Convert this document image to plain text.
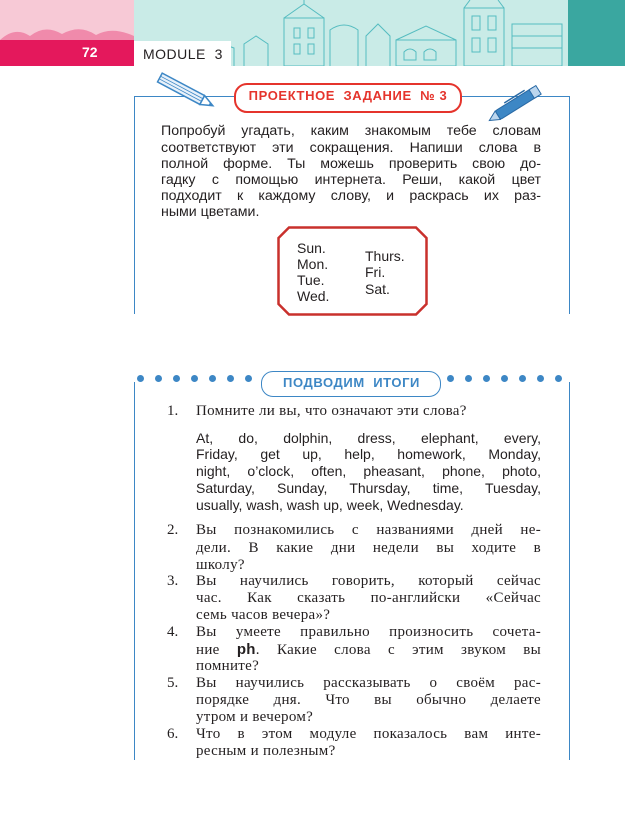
72	MODULE  3
ПРОЕКТНОЕ  ЗАДАНИЕ  № 3
Попробуй угадать, каким знакомым тебе словам
соответствуют эти сокращения. Напиши слова в
полной форме. Ты можешь проверить свою до-
гадку с помощью интернета. Реши, какой цвет
подходит к каждому слову, и раскрась их раз-
ными цветами.
Sun.
Mon.
Tue.
Wed.
Thurs.
Fri.
Sat.
ПОДВОДИМ  ИТОГИ
1. Помните ли вы, что означают эти слова?
At,   do,   dolphin,   dress,   elephant,   every,
Friday, get up, help, homework, Monday,
night, o’clock, often, pheasant, phone, photo,
Saturday, Sunday, Thursday, time, Tuesday,
usually, wash, wash up, week, Wednesday.
2. Вы познакомились с названиями дней не-
дели. В какие дни недели вы ходите в
школу?
3. Вы научились говорить, который сейчас
час. Как сказать по-английски «Сейчас
семь часов вечера»?
4. Вы умеете правильно произносить сочета-
ние ph. Какие слова с этим звуком вы
помните?
5. Вы научились рассказывать о своём рас-
порядке дня. Что вы обычно делаете
утром и вечером?
6. Что в этом модуле показалось вам инте-
ресным и полезным?
